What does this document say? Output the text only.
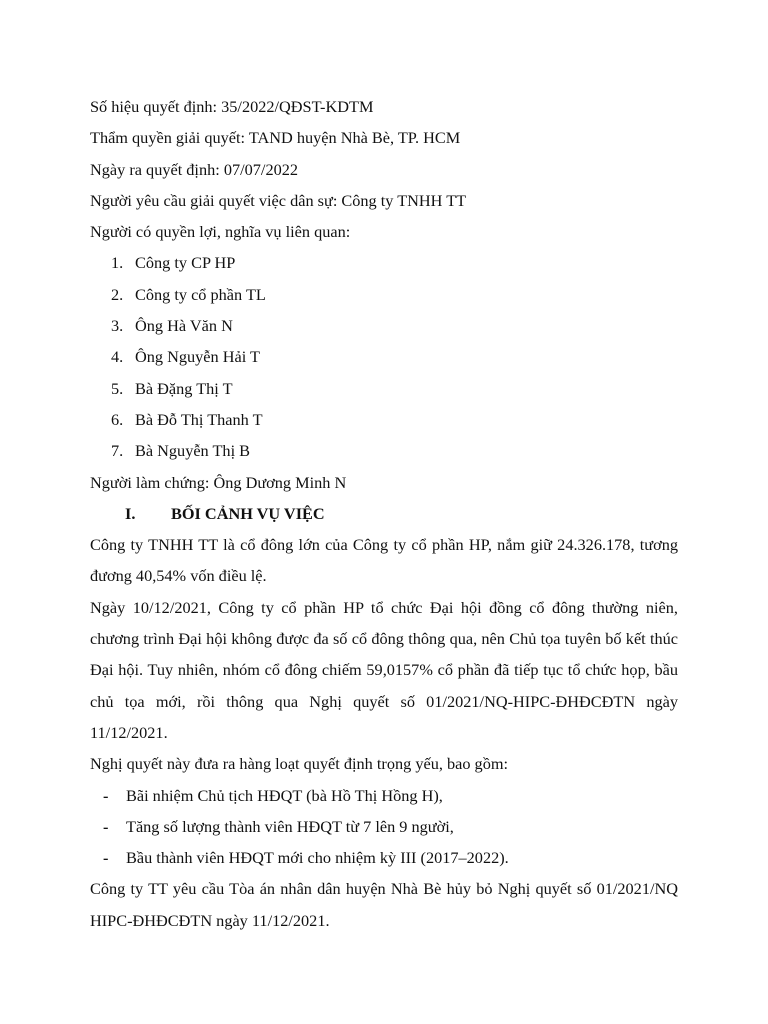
Số hiệu quyết định: 35/2022/QĐST-KDTM
Thẩm quyền giải quyết: TAND huyện Nhà Bè, TP. HCM
Ngày ra quyết định: 07/07/2022
Người yêu cầu giải quyết việc dân sự: Công ty TNHH TT
Người có quyền lợi, nghĩa vụ liên quan:
1. Công ty CP HP
2. Công ty cổ phần TL
3. Ông Hà Văn N
4. Ông Nguyễn Hải T
5. Bà Đặng Thị T
6. Bà Đỗ Thị Thanh T
7. Bà Nguyễn Thị B
Người làm chứng: Ông Dương Minh N
I. BỐI CẢNH VỤ VIỆC

Công ty TNHH TT là cổ đông lớn của Công ty cổ phần HP, nắm giữ 24.326.178, tương đương 40,54% vốn điều lệ.

Ngày 10/12/2021, Công ty cổ phần HP tổ chức Đại hội đồng cổ đông thường niên, chương trình Đại hội không được đa số cổ đông thông qua, nên Chủ tọa tuyên bố kết thúc Đại hội. Tuy nhiên, nhóm cổ đông chiếm 59,0157% cổ phần đã tiếp tục tổ chức họp, bầu chủ tọa mới, rồi thông qua Nghị quyết số 01/2021/NQ-HIPC-ĐHĐCĐTN ngày 11/12/2021.

Nghị quyết này đưa ra hàng loạt quyết định trọng yếu, bao gồm:

- Bãi nhiệm Chủ tịch HĐQT (bà Hồ Thị Hồng H),
- Tăng số lượng thành viên HĐQT từ 7 lên 9 người,
- Bầu thành viên HĐQT mới cho nhiệm kỳ III (2017–2022).

Công ty TT yêu cầu Tòa án nhân dân huyện Nhà Bè hủy bỏ Nghị quyết số 01/2021/NQ HIPC-ĐHĐCĐTN ngày 11/12/2021.
